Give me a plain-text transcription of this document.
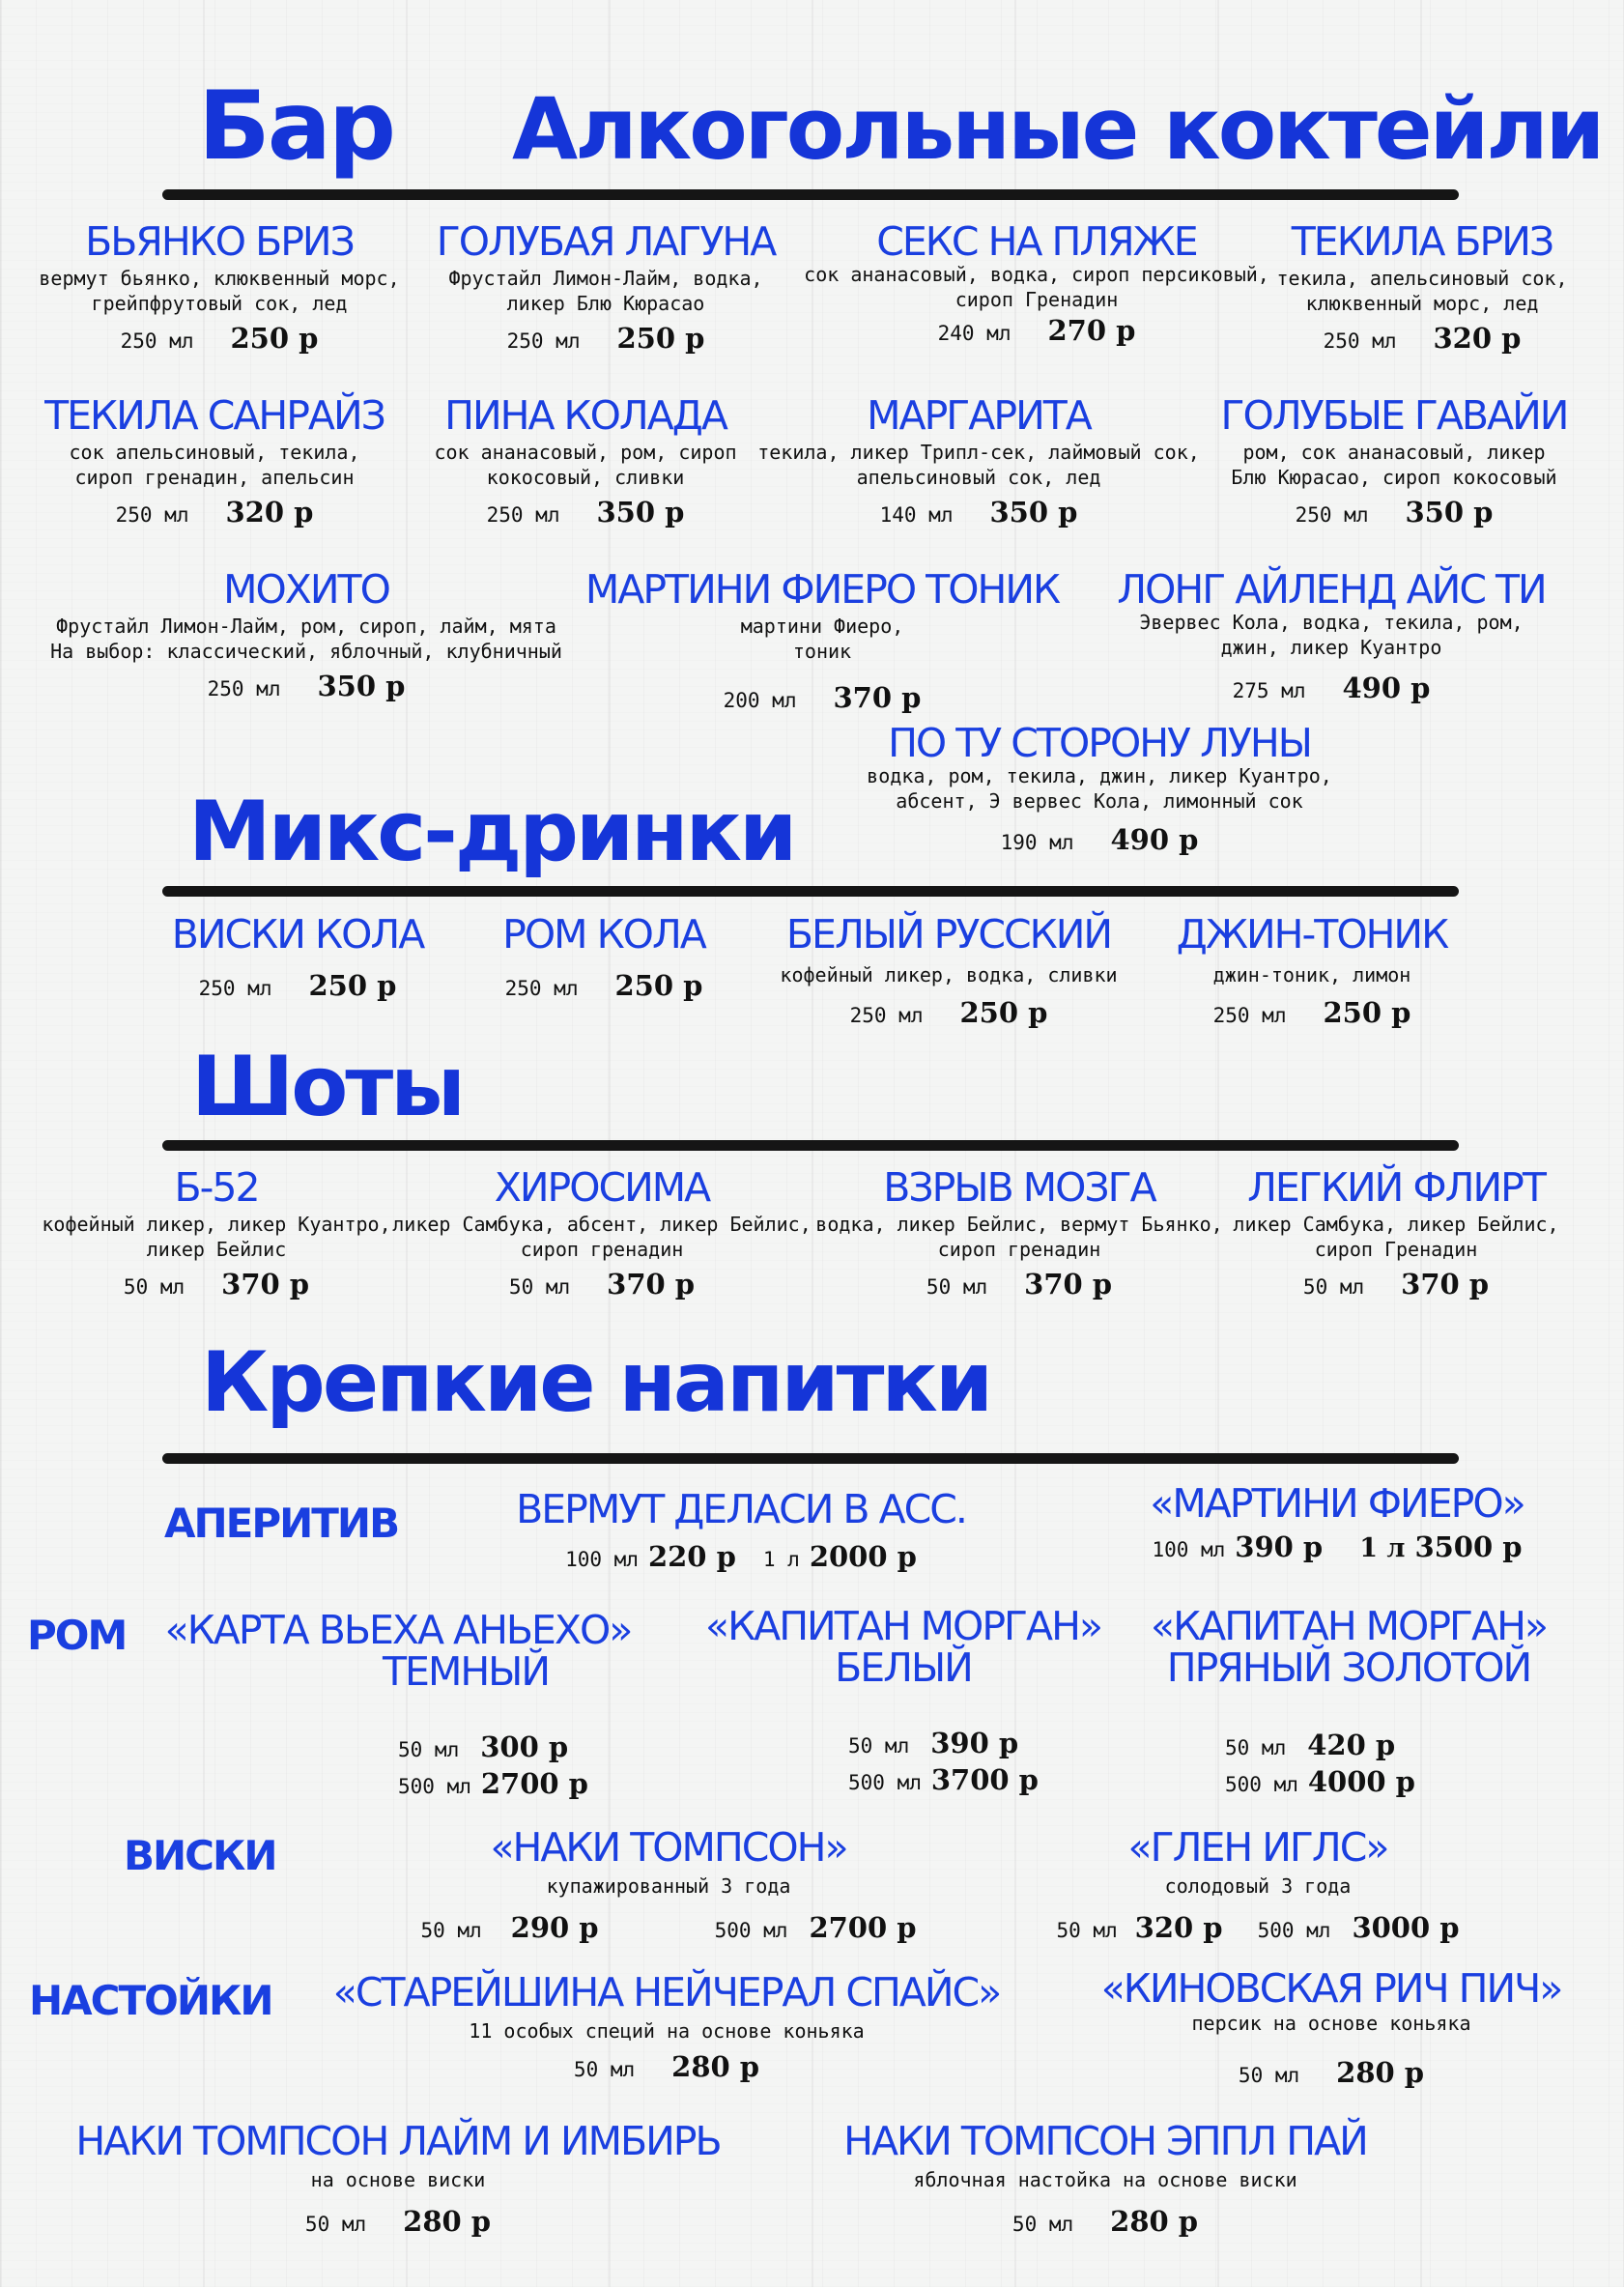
Бар Алкогольные коктейли
БЬЯНКО БРИЗ
вермут бьянко, клюквенный морс,
грейпфрутовый сок, лед
250 мл 250 р
ГОЛУБАЯ ЛАГУНА
Фрустайл Лимон-Лайм, водка,
ликер Блю Кюрасао
250 мл 250 р
СЕКС НА ПЛЯЖЕ
сок ананасовый, водка, сироп персиковый,
сироп Гренадин
240 мл 270 р
ТЕКИЛА БРИЗ
текила, апельсиновый сок,
клюквенный морс, лед
250 мл 320 р
ТЕКИЛА САНРАЙЗ
сок апельсиновый, текила,
сироп гренадин, апельсин
250 мл 320 р
ПИНА КОЛАДА
сок ананасовый, ром, сироп
кокосовый, сливки
250 мл 350 р
МАРГАРИТА
текила, ликер Трипл-сек, лаймовый сок,
апельсиновый сок, лед
140 мл 350 р
ГОЛУБЫЕ ГАВАЙИ
ром, сок ананасовый, ликер
Блю Кюрасао, сироп кокосовый
250 мл 350 р
МОХИТО
Фрустайл Лимон-Лайм, ром, сироп, лайм, мята
На выбор: классический, яблочный, клубничный
250 мл 350 р
МАРТИНИ ФИЕРО ТОНИК
мартини Фиеро,
тоник
200 мл 370 р
ЛОНГ АЙЛЕНД АЙС ТИ
Эвервес Кола, водка, текила, ром,
джин, ликер Куантро
275 мл 490 р
ПО ТУ СТОРОНУ ЛУНЫ
водка, ром, текила, джин, ликер Куантро,
абсент, Э вервес Кола, лимонный сок
190 мл 490 р
Микс-дринки
ВИСКИ КОЛА
250 мл 250 р
РОМ КОЛА
250 мл 250 р
БЕЛЫЙ РУССКИЙ
кофейный ликер, водка, сливки
250 мл 250 р
ДЖИН-ТОНИК
джин-тоник, лимон
250 мл 250 р
Шоты
Б-52
кофейный ликер, ликер Куантро,
ликер Бейлис
50 мл 370 р
ХИРОСИМА
ликер Самбука, абсент, ликер Бейлис,
сироп гренадин
50 мл 370 р
ВЗРЫВ МОЗГА
водка, ликер Бейлис, вермут Бьянко,
сироп гренадин
50 мл 370 р
ЛЕГКИЙ ФЛИРТ
ликер Самбука, ликер Бейлис,
сироп Гренадин
50 мл 370 р
Крепкие напитки
АПЕРИТИВ	ВЕРМУТ ДЕЛАСИ В АСС.
100 мл 220 р 1 л 2000 р
«МАРТИНИ ФИЕРО»
100 мл 390 р 1 л 3500 р
РОМ «КАРТА ВЬЕХА АНЬЕХО»
ТЕМНЫЙ
50 мл 300 р
500 мл 2700 р
«КАПИТАН МОРГАН»
БЕЛЫЙ
50 мл 390 р
500 мл 3700 р
«КАПИТАН МОРГАН»
ПРЯНЫЙ ЗОЛОТОЙ
50 мл 420 р
500 мл 4000 р
ВИСКИ	«НАКИ ТОМПСОН»
купажированный 3 года
50 мл 290 р	500 мл 2700 р
«ГЛЕН ИГЛС»
солодовый 3 года
50 мл 320 р 500 мл 3000 р
НАСТОЙКИ «СТАРЕЙШИНА НЕЙЧЕРАЛ СПАЙС»
11 особых специй на основе коньяка
50 мл 280 р
«КИНОВСКАЯ РИЧ ПИЧ»
персик на основе коньяка
50 мл 280 р
НАКИ ТОМПСОН ЛАЙМ И ИМБИРЬ
на основе виски
50 мл 280 р
НАКИ ТОМПСОН ЭППЛ ПАЙ
яблочная настойка на основе виски
50 мл 280 р
